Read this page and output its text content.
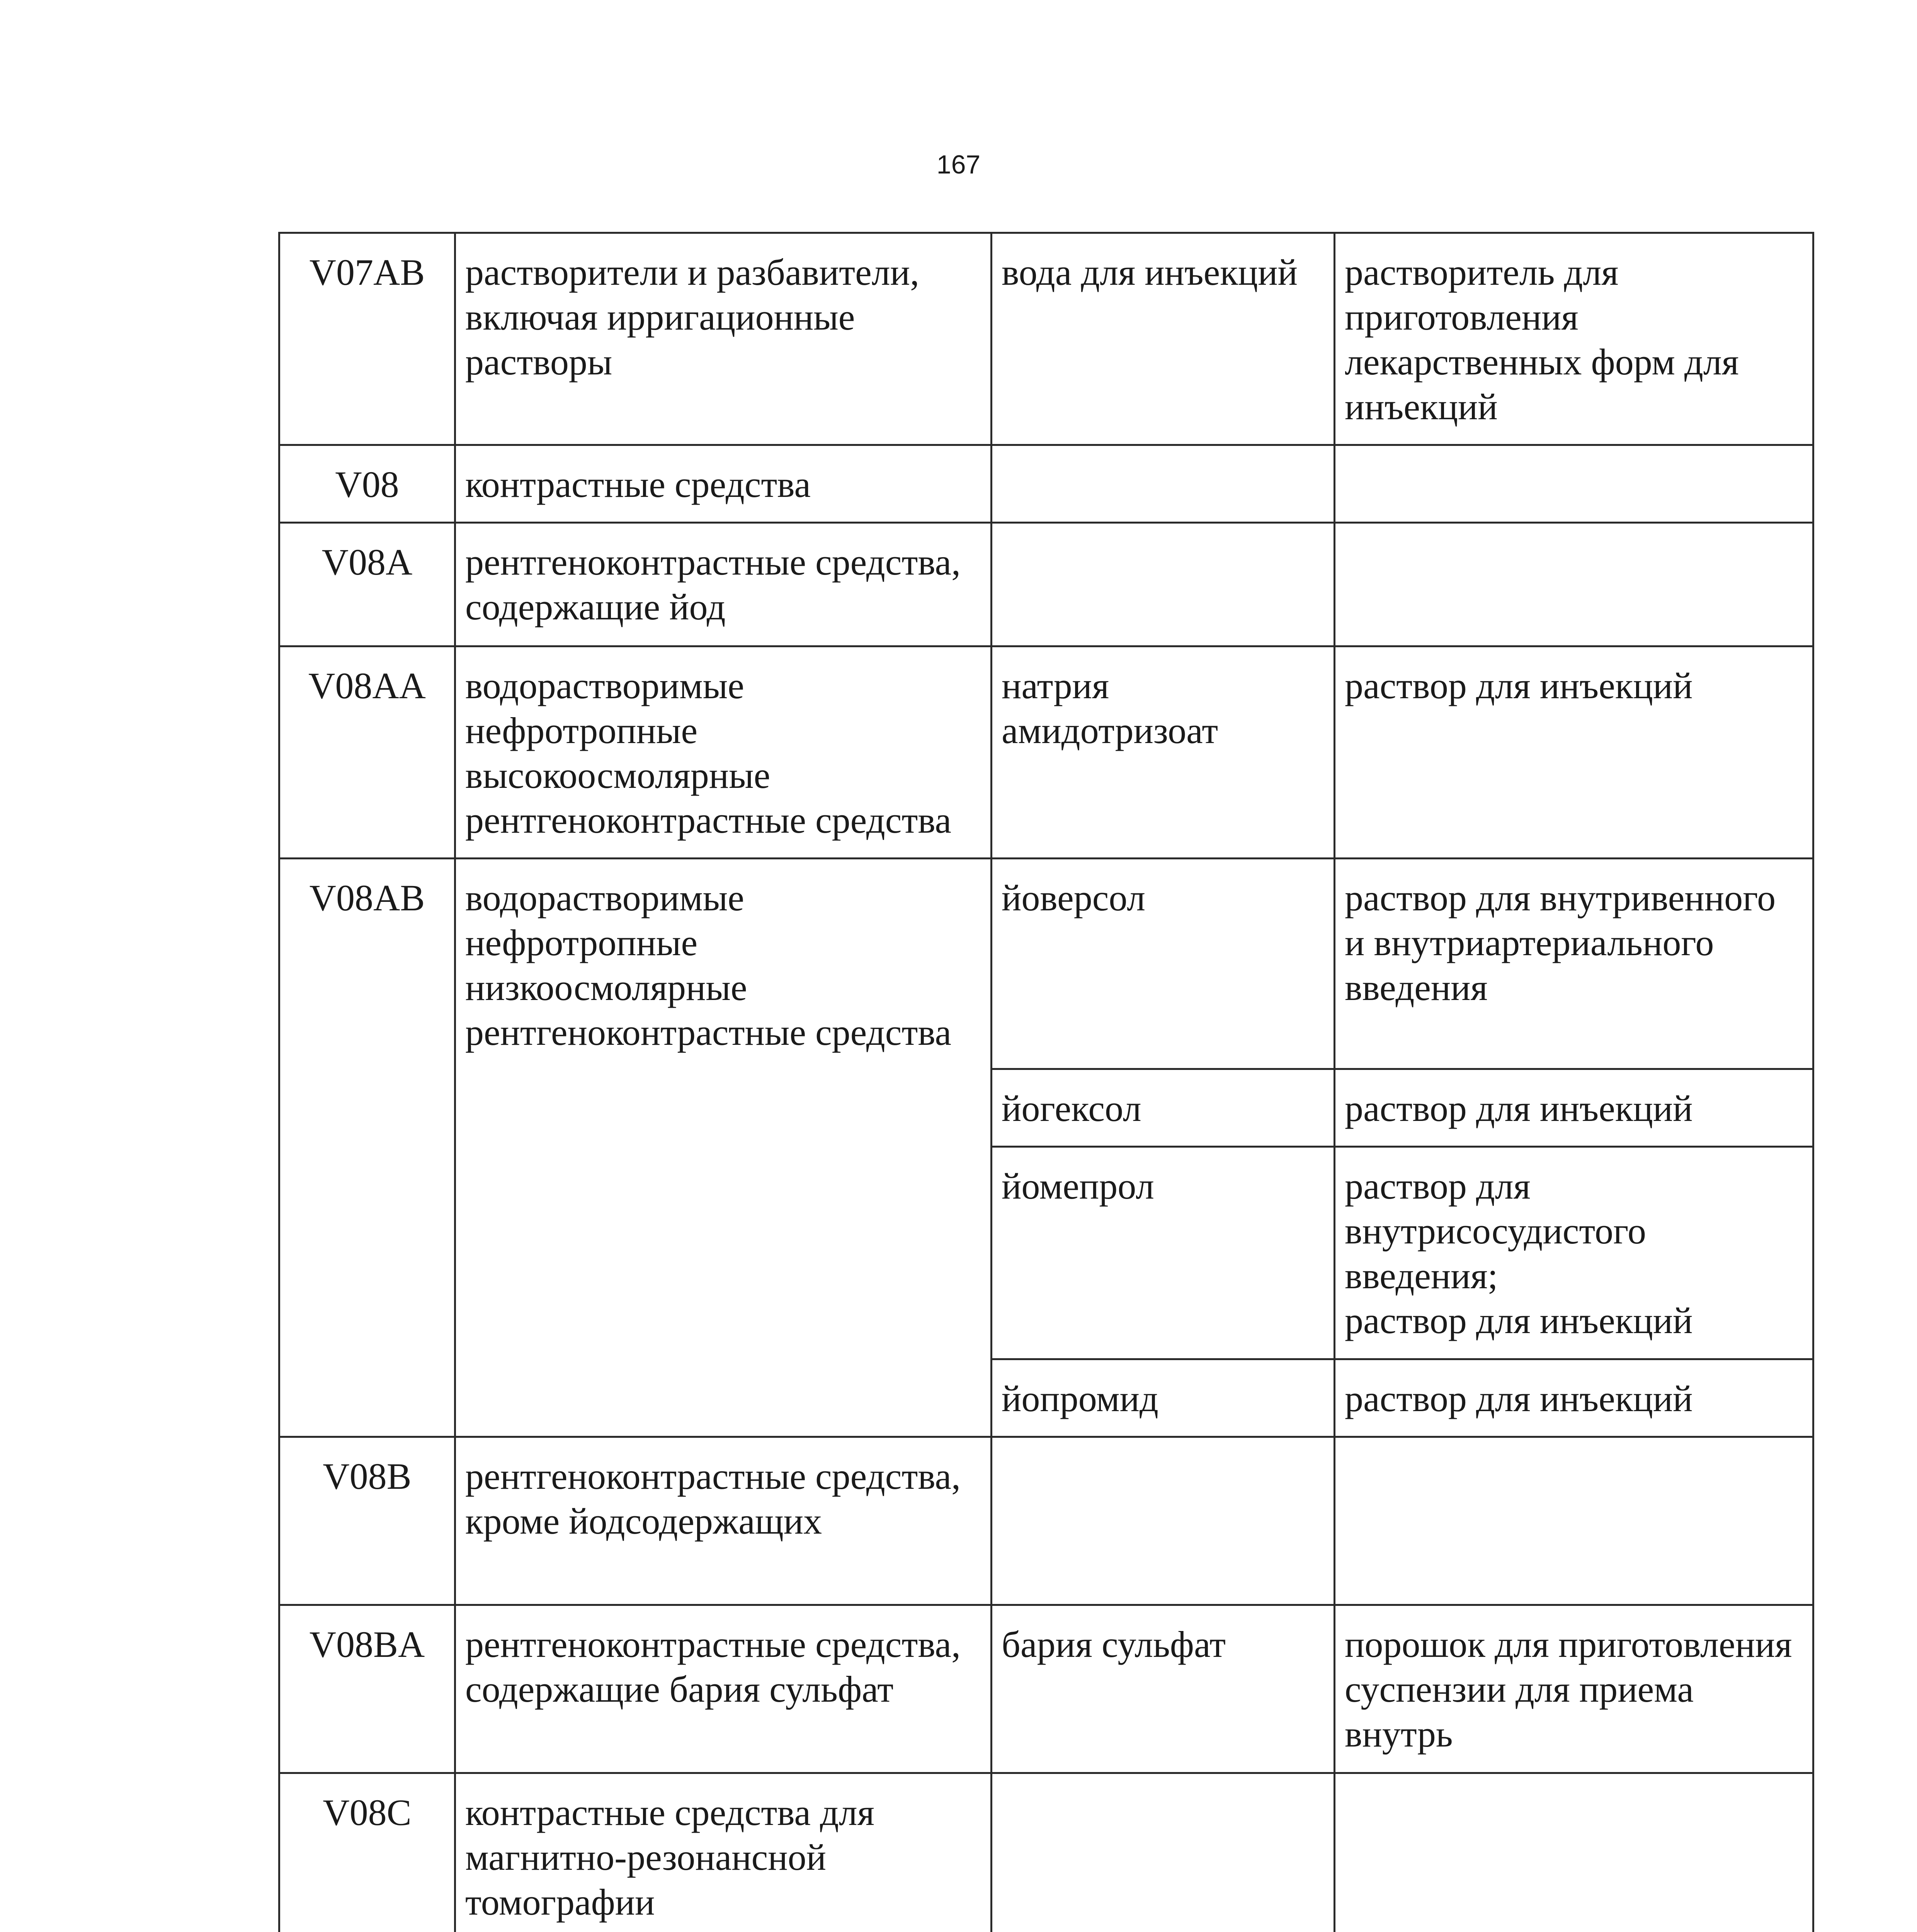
167
V07AB	растворители и разбавители, включая ирригационные растворы	вода для инъекций	растворитель для приготовления лекарственных форм для инъекций
V08	контрастные средства		
V08A	рентгеноконтрастные средства, содержащие йод		
V08AA	водорастворимые нефротропные высокоосмолярные рентгеноконтрастные средства	натрия амидотризоат	раствор для инъекций
V08AB	водорастворимые нефротропные низкоосмолярные рентгеноконтрастные средства	йоверсол	раствор для внутривенного и внутриартериального введения
		йогексол	раствор для инъекций
		йомепрол	раствор для внутрисосудистого введения;
раствор для инъекций
		йопромид	раствор для инъекций
V08B	рентгеноконтрастные средства, кроме йодсодержащих		
V08BA	рентгеноконтрастные средства, содержащие бария сульфат	бария сульфат	порошок для приготовления суспензии для приема внутрь
V08C	контрастные средства для магнитно-резонансной томографии		
